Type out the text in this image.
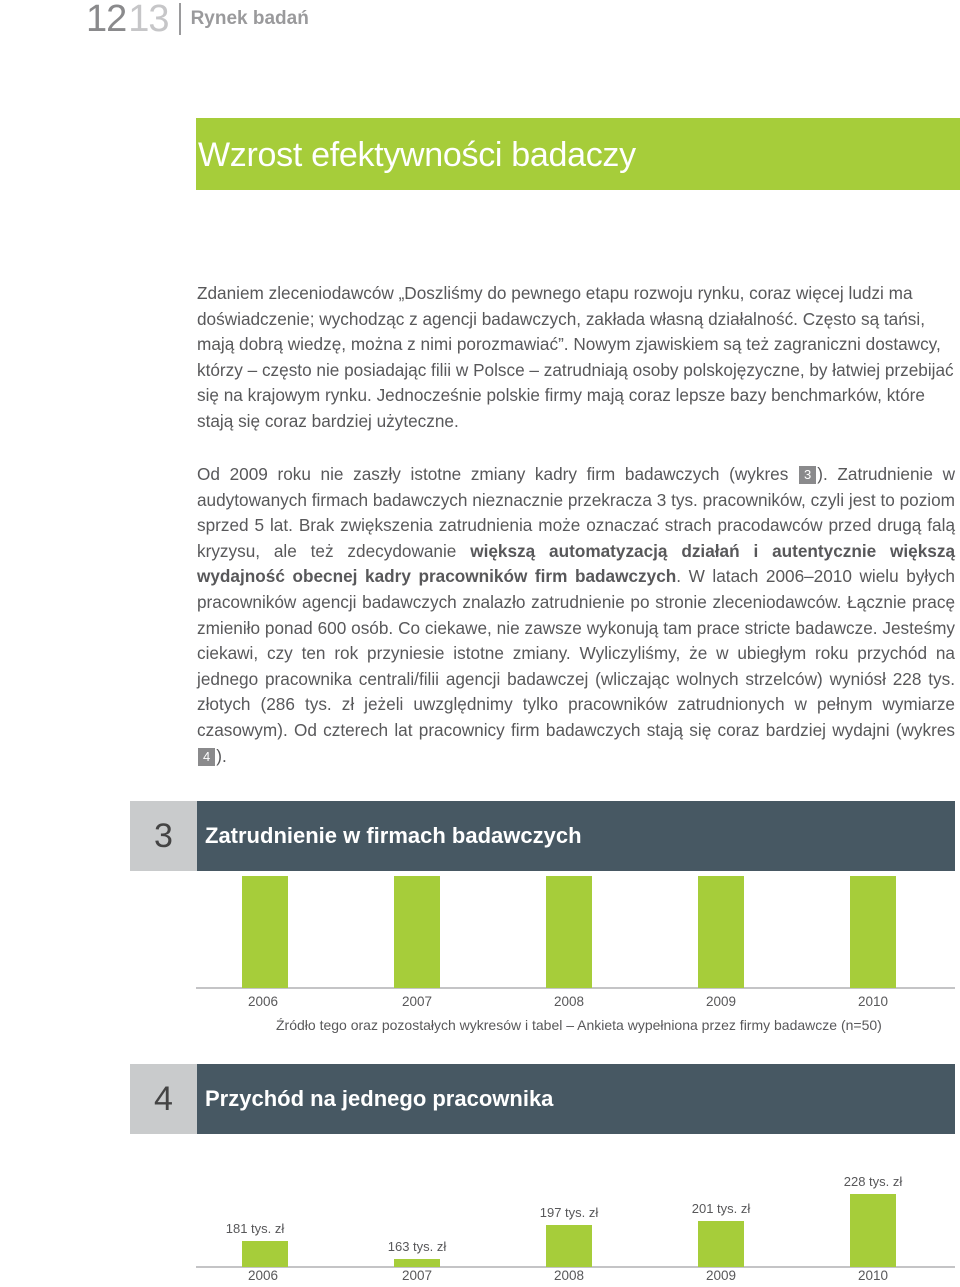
12 13 Rynek badań
Wzrost efektywności badaczy

Zdaniem zleceniodawców „Doszliśmy do pewnego etapu rozwoju rynku, coraz więcej ludzi ma doświadczenie; wychodząc z agencji badawczych, zakłada własną działalność. Często są tańsi, mają dobrą wiedzę, można z nimi porozmawiać”. Nowym zjawiskiem są też zagraniczni dostawcy, którzy – często nie posiadając filii w Polsce – zatrudniają osoby polskojęzyczne, by łatwiej przebijać się na krajowym rynku. Jednocześnie polskie firmy mają coraz lepsze bazy benchmarków, które stają się coraz bardziej użyteczne.

Od 2009 roku nie zaszły istotne zmiany kadry firm badawczych (wykres 3 ). Zatrudnienie w audytowanych firmach badawczych nieznacznie przekracza 3 tys. pracowników, czyli jest to poziom sprzed 5 lat. Brak zwiększenia zatrudnienia może oznaczać strach pracodawców przed drugą falą kryzysu, ale też zdecydowanie większą automatyzacją działań i autentycznie większą wydajność obecnej kadry pracowników firm badawczych. W latach 2006–2010 wielu byłych pracowników agencji badawczych znalazło zatrudnienie po stronie zleceniodawców. Łącznie pracę zmieniło ponad 600 osób. Co ciekawe, nie zawsze wykonują tam prace stricte badawcze. Jesteśmy ciekawi, czy ten rok przyniesie istotne zmiany. Wyliczyliśmy, że w ubiegłym roku przychód na jednego pracownika centrali/filii agencji badawczej (wliczając wolnych strzelców) wyniósł 228 tys. złotych (286 tys. zł jeżeli uwzględnimy tylko pracowników zatrudnionych w pełnym wymiarze czasowym). Od czterech lat pracownicy firm badawczych stają się coraz bardziej wydajni (wykres 4 ).

3	Zatrudnienie w firmach badawczych
2006	2007	2008	2009	2010
Źródło tego oraz pozostałych wykresów i tabel – Ankieta wypełniona przez firmy badawcze (n=50)
4	Przychód na jednego pracownika
181 tys. zł
2006
163 tys. zł
2007
197 tys. zł
2008
201 tys. zł
2009
228 tys. zł
2010
